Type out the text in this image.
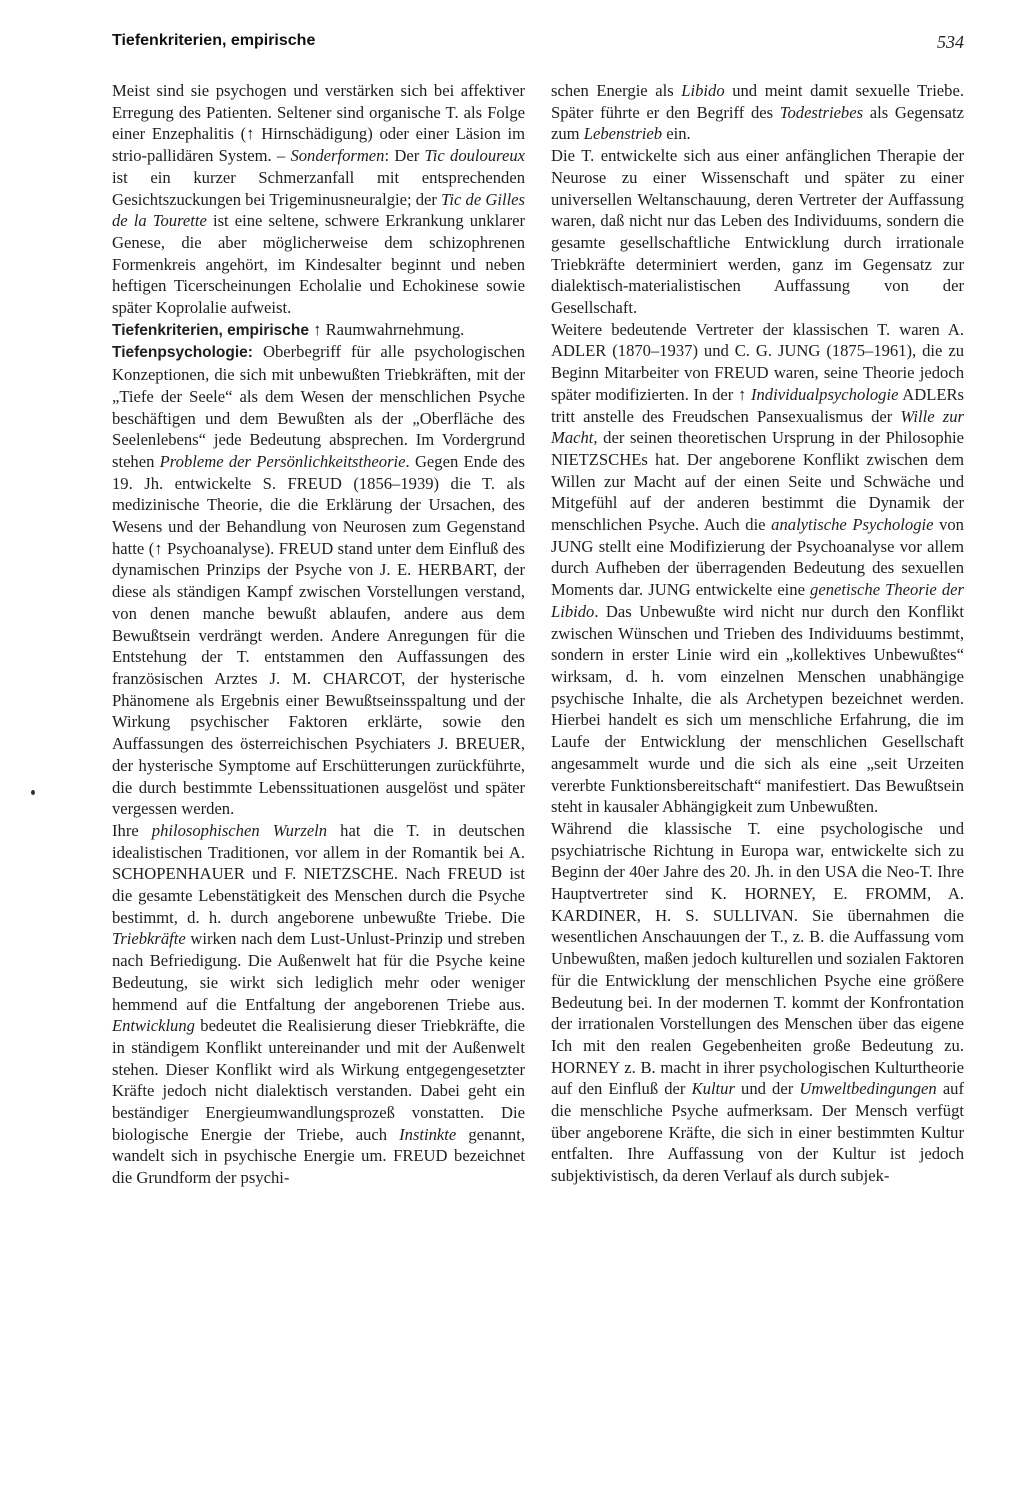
Tiefenkriterien, empirische	534

Meist sind sie psychogen und verstärken sich bei affektiver Erregung des Patienten. Seltener sind organische T. als Folge einer Enzephalitis (↑ Hirnschädigung) oder einer Läsion im strio-pallidären System. – Sonderformen: Der Tic douloureux ist ein kurzer Schmerzanfall mit entsprechenden Gesichtszuckungen bei Trigeminusneuralgie; der Tic de Gilles de la Tourette ist eine seltene, schwere Erkrankung unklarer Genese, die aber möglicherweise dem schizophrenen Formenkreis angehört, im Kindesalter beginnt und neben heftigen Ticerscheinungen Echolalie und Echokinese sowie später Koprolalie aufweist.

Tiefenkriterien, empirische ↑ Raumwahrnehmung.

Tiefenpsychologie: Oberbegriff für alle psychologischen Konzeptionen, die sich mit unbewußten Triebkräften, mit der „Tiefe der Seele“ als dem Wesen der menschlichen Psyche beschäftigen und dem Bewußten als der „Oberfläche des Seelenlebens“ jede Bedeutung absprechen. Im Vordergrund stehen Probleme der Persönlichkeitstheorie. Gegen Ende des 19. Jh. entwickelte S. FREUD (1856–1939) die T. als medizinische Theorie, die die Erklärung der Ursachen, des Wesens und der Behandlung von Neurosen zum Gegenstand hatte (↑ Psychoanalyse). FREUD stand unter dem Einfluß des dynamischen Prinzips der Psyche von J. E. HERBART, der diese als ständigen Kampf zwischen Vorstellungen verstand, von denen manche bewußt ablaufen, andere aus dem Bewußtsein verdrängt werden. Andere Anregungen für die Entstehung der T. entstammen den Auffassungen des französischen Arztes J. M. CHARCOT, der hysterische Phänomene als Ergebnis einer Bewußtseinsspaltung und der Wirkung psychischer Faktoren erklärte, sowie den Auffassungen des österreichischen Psychiaters J. BREUER, der hysterische Symptome auf Erschütterungen zurückführte, die durch bestimmte Lebenssituationen ausgelöst und später vergessen werden.

Ihre philosophischen Wurzeln hat die T. in deutschen idealistischen Traditionen, vor allem in der Romantik bei A. SCHOPENHAUER und F. NIETZSCHE. Nach FREUD ist die gesamte Lebenstätigkeit des Menschen durch die Psyche bestimmt, d. h. durch angeborene unbewußte Triebe. Die Triebkräfte wirken nach dem Lust-Unlust-Prinzip und streben nach Befriedigung. Die Außenwelt hat für die Psyche keine Bedeutung, sie wirkt sich lediglich mehr oder weniger hemmend auf die Entfaltung der angeborenen Triebe aus. Entwicklung bedeutet die Realisierung dieser Triebkräfte, die in ständigem Konflikt untereinander und mit der Außenwelt stehen. Dieser Konflikt wird als Wirkung entgegengesetzter Kräfte jedoch nicht dialektisch verstanden. Dabei geht ein beständiger Energieumwandlungsprozeß vonstatten. Die biologische Energie der Triebe, auch Instinkte genannt, wandelt sich in psychische Energie um. FREUD bezeichnet die Grundform der psychi-

schen Energie als Libido und meint damit sexuelle Triebe. Später führte er den Begriff des Todestriebes als Gegensatz zum Lebenstrieb ein.

Die T. entwickelte sich aus einer anfänglichen Therapie der Neurose zu einer Wissenschaft und später zu einer universellen Weltanschauung, deren Vertreter der Auffassung waren, daß nicht nur das Leben des Individuums, sondern die gesamte gesellschaftliche Entwicklung durch irrationale Triebkräfte determiniert werden, ganz im Gegensatz zur dialektisch-materialistischen Auffassung von der Gesellschaft.

Weitere bedeutende Vertreter der klassischen T. waren A. ADLER (1870–1937) und C. G. JUNG (1875–1961), die zu Beginn Mitarbeiter von FREUD waren, seine Theorie jedoch später modifizierten. In der ↑ Individualpsychologie ADLERs tritt anstelle des Freudschen Pansexualismus der Wille zur Macht, der seinen theoretischen Ursprung in der Philosophie NIETZSCHEs hat. Der angeborene Konflikt zwischen dem Willen zur Macht auf der einen Seite und Schwäche und Mitgefühl auf der anderen bestimmt die Dynamik der menschlichen Psyche. Auch die analytische Psychologie von JUNG stellt eine Modifizierung der Psychoanalyse vor allem durch Aufheben der überragenden Bedeutung des sexuellen Moments dar. JUNG entwickelte eine genetische Theorie der Libido. Das Unbewußte wird nicht nur durch den Konflikt zwischen Wünschen und Trieben des Individuums bestimmt, sondern in erster Linie wird ein „kollektives Unbewußtes“ wirksam, d. h. vom einzelnen Menschen unabhängige psychische Inhalte, die als Archetypen bezeichnet werden. Hierbei handelt es sich um menschliche Erfahrung, die im Laufe der Entwicklung der menschlichen Gesellschaft angesammelt wurde und die sich als eine „seit Urzeiten vererbte Funktionsbereitschaft“ manifestiert. Das Bewußtsein steht in kausaler Abhängigkeit zum Unbewußten.

Während die klassische T. eine psychologische und psychiatrische Richtung in Europa war, entwickelte sich zu Beginn der 40er Jahre des 20. Jh. in den USA die Neo-T. Ihre Hauptvertreter sind K. HORNEY, E. FROMM, A. KARDINER, H. S. SULLIVAN. Sie übernahmen die wesentlichen Anschauungen der T., z. B. die Auffassung vom Unbewußten, maßen jedoch kulturellen und sozialen Faktoren für die Entwicklung der menschlichen Psyche eine größere Bedeutung bei. In der modernen T. kommt der Konfrontation der irrationalen Vorstellungen des Menschen über das eigene Ich mit den realen Gegebenheiten große Bedeutung zu. HORNEY z. B. macht in ihrer psychologischen Kulturtheorie auf den Einfluß der Kultur und der Umweltbedingungen auf die menschliche Psyche aufmerksam. Der Mensch verfügt über angeborene Kräfte, die sich in einer bestimmten Kultur entfalten. Ihre Auffassung von der Kultur ist jedoch subjektivistisch, da deren Verlauf als durch subjek-
